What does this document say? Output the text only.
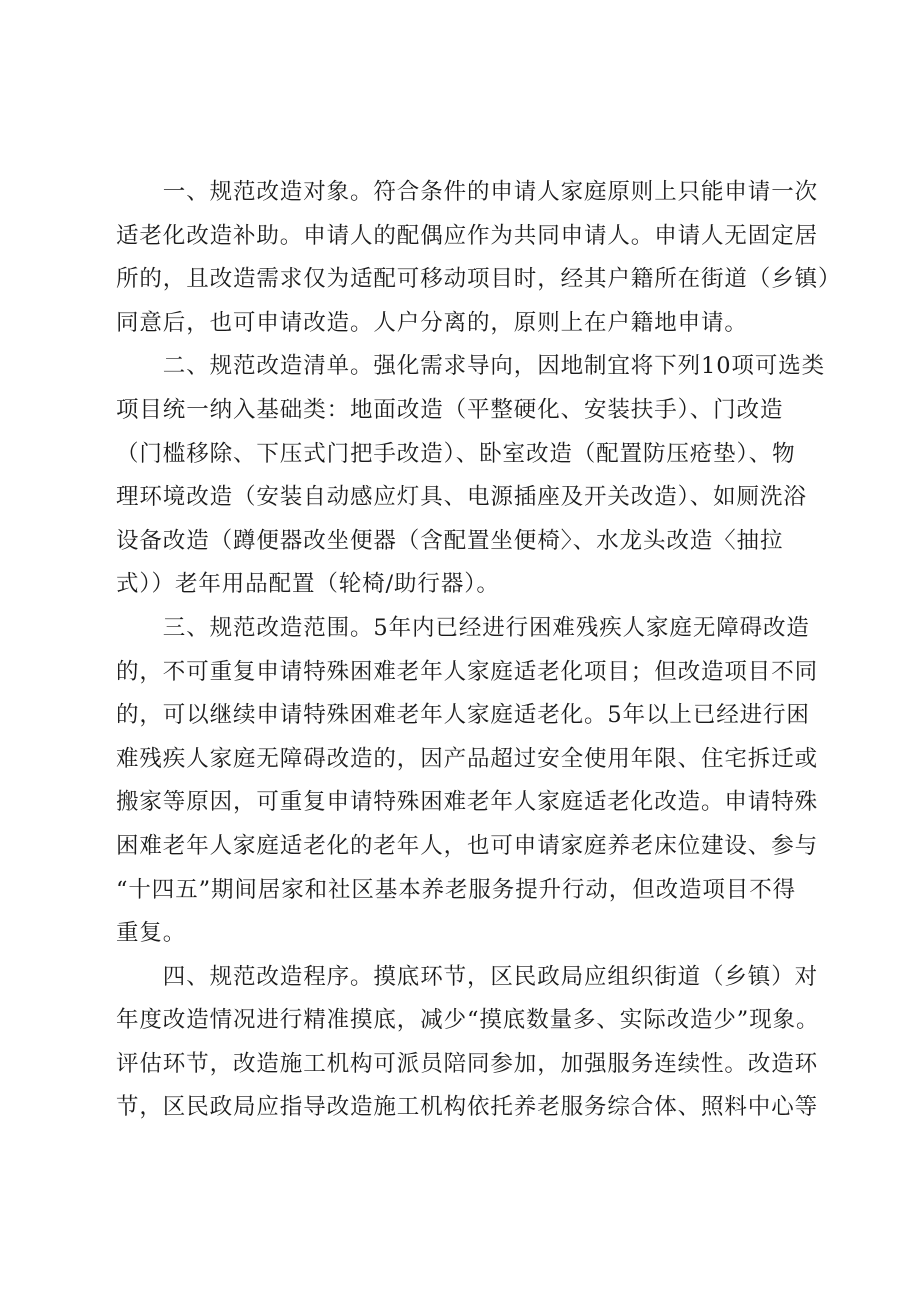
　　一、规范改造对象。符合条件的申请人家庭原则上只能申请一次
适老化改造补助。申请人的配偶应作为共同申请人。申请人无固定居
所的，且改造需求仅为适配可移动项目时，经其户籍所在街道（乡镇）
同意后，也可申请改造。人户分离的，原则上在户籍地申请。
　　二、规范改造清单。强化需求导向，因地制宜将下列10项可选类
项目统一纳入基础类：地面改造（平整硬化、安装扶手）、门改造
（门槛移除、下压式门把手改造）、卧室改造（配置防压疮垫）、物
理环境改造（安装自动感应灯具、电源插座及开关改造）、如厕洗浴
设备改造（蹲便器改坐便器（含配置坐便椅〉、水龙头改造〈抽拉
式））老年用品配置（轮椅/助行器）。
　　三、规范改造范围。5年内已经进行困难残疾人家庭无障碍改造
的，不可重复申请特殊困难老年人家庭适老化项目；但改造项目不同
的，可以继续申请特殊困难老年人家庭适老化。5年以上已经进行困
难残疾人家庭无障碍改造的，因产品超过安全使用年限、住宅拆迁或
搬家等原因，可重复申请特殊困难老年人家庭适老化改造。申请特殊
困难老年人家庭适老化的老年人，也可申请家庭养老床位建设、参与
“十四五”期间居家和社区基本养老服务提升行动，但改造项目不得
重复。
　　四、规范改造程序。摸底环节，区民政局应组织街道（乡镇）对
年度改造情况进行精准摸底，减少“摸底数量多、实际改造少”现象。
评估环节，改造施工机构可派员陪同参加，加强服务连续性。改造环
节，区民政局应指导改造施工机构依托养老服务综合体、照料中心等
